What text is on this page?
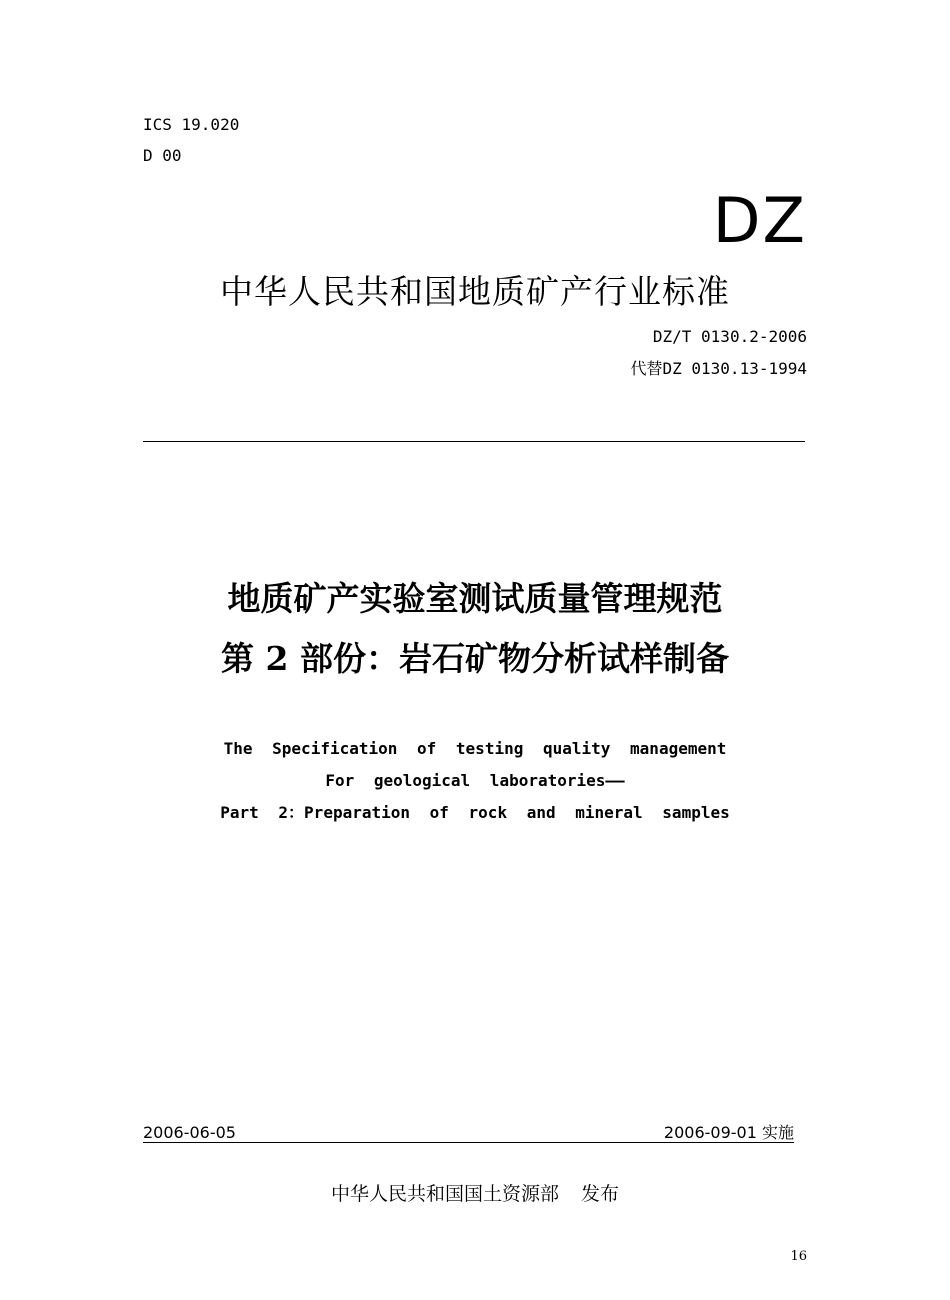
ICS 19.020
D 00
DZ
中华人民共和国地质矿产行业标准
DZ/T 0130.2-2006
代替DZ 0130.13-1994
地质矿产实验室测试质量管理规范
第 2 部份：岩石矿物分析试样制备
The Specification of testing quality management
For geological laboratories——
Part 2：Preparation of rock and mineral samples
2006-06-05	2006-09-01 实施
中华人民共和国国土资源部 发布
16
